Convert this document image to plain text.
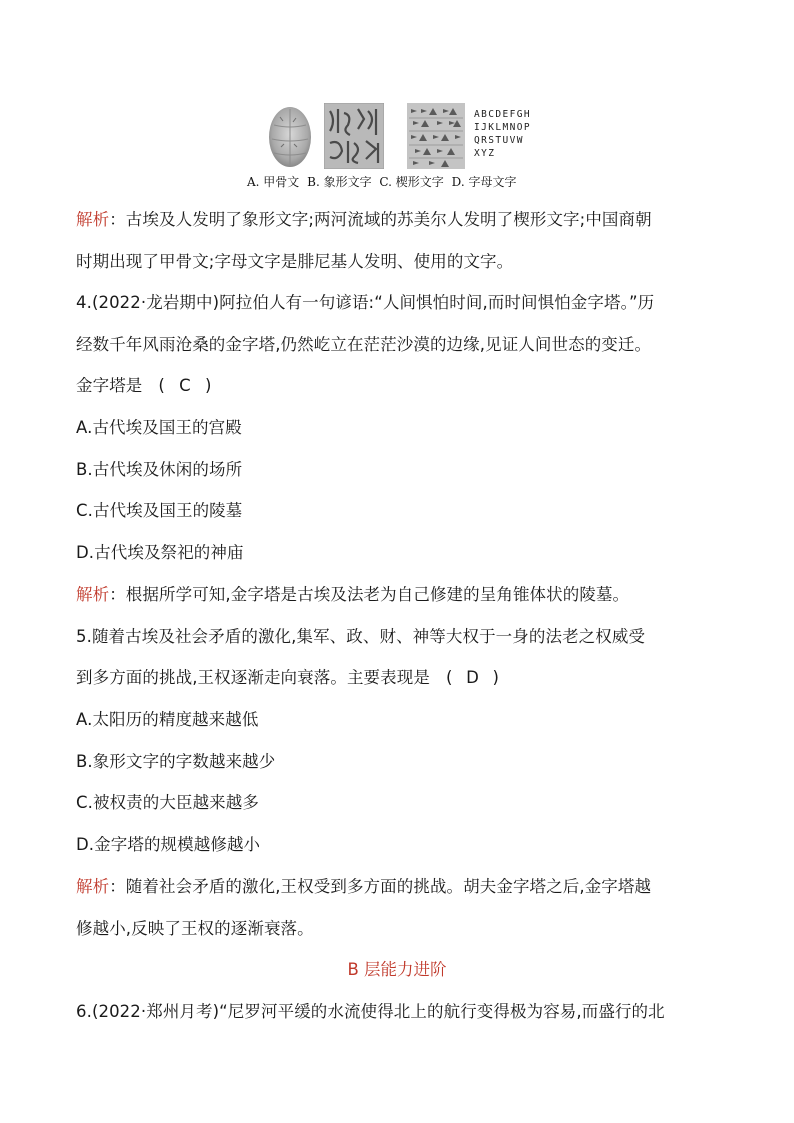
ABCDEFGH
IJKLMNOP
QRSTUVW
XYZ
A. 甲骨文 B. 象形文字 C. 楔形文字 D. 字母文字
解析：古埃及人发明了象形文字;两河流域的苏美尔人发明了楔形文字;中国商朝
时期出现了甲骨文;字母文字是腓尼基人发明、使用的文字。
4.(2022·龙岩期中)阿拉伯人有一句谚语:“人间惧怕时间,而时间惧怕金字塔。”历
经数千年风雨沧桑的金字塔,仍然屹立在茫茫沙漠的边缘,见证人间世态的变迁。
金字塔是 ( C )
A.古代埃及国王的宫殿
B.古代埃及休闲的场所
C.古代埃及国王的陵墓
D.古代埃及祭祀的神庙
解析：根据所学可知,金字塔是古埃及法老为自己修建的呈角锥体状的陵墓。
5.随着古埃及社会矛盾的激化,集军、政、财、神等大权于一身的法老之权威受
到多方面的挑战,王权逐渐走向衰落。主要表现是 ( D )
A.太阳历的精度越来越低
B.象形文字的字数越来越少
C.被权责的大臣越来越多
D.金字塔的规模越修越小
解析：随着社会矛盾的激化,王权受到多方面的挑战。胡夫金字塔之后,金字塔越
修越小,反映了王权的逐渐衰落。
B 层能力进阶
6.(2022·郑州月考)“尼罗河平缓的水流使得北上的航行变得极为容易,而盛行的北
